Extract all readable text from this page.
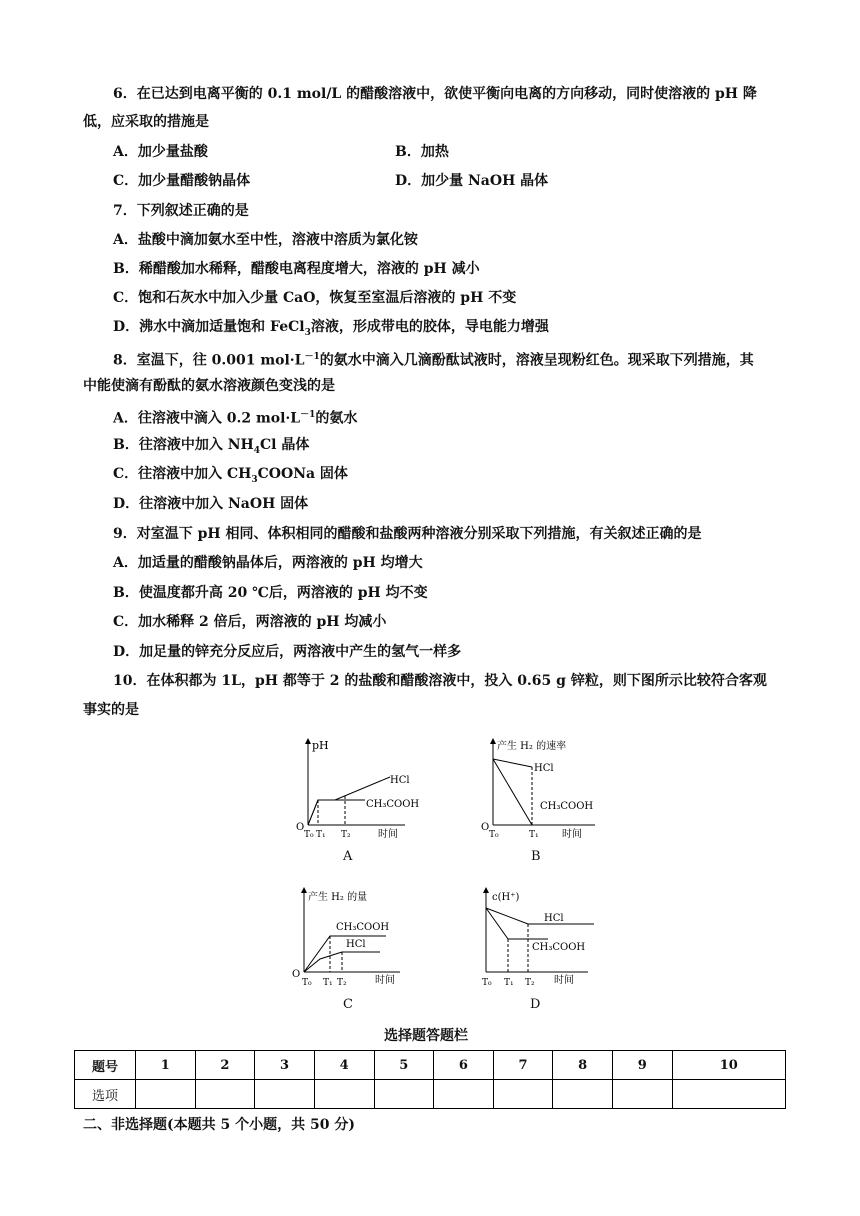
6．在已达到电离平衡的 0.1 mol/L 的醋酸溶液中，欲使平衡向电离的方向移动，同时使溶液的 pH 降
低，应采取的措施是
A．加少量盐酸	B．加热
C．加少量醋酸钠晶体	D．加少量 NaOH 晶体
7．下列叙述正确的是
A．盐酸中滴加氨水至中性，溶液中溶质为氯化铵
B．稀醋酸加水稀释，醋酸电离程度增大，溶液的 pH 减小
C．饱和石灰水中加入少量 CaO，恢复至室温后溶液的 pH 不变
D．沸水中滴加适量饱和 FeCl$_3$溶液，形成带电的胶体，导电能力增强
8．室温下，往 0.001 $mol\cdot L^{-1}$的氨水中滴入几滴酚酞试液时，溶液呈现粉红色。现采取下列措施，其
中能使滴有酚酞的氨水溶液颜色变浅的是
A．往溶液中滴入 0.2 $mol\cdot L^{-1}$的氨水
B．往溶液中加入 $NH_4Cl$ 晶体
C．往溶液中加入 $CH_3COONa$ 固体
D．往溶液中加入 NaOH 固体
9．对室温下 pH 相同、体积相同的醋酸和盐酸两种溶液分别采取下列措施，有关叙述正确的是
A．加适量的醋酸钠晶体后，两溶液的 pH 均增大
B．使温度都升高 20 ℃后，两溶液的 pH 均不变
C．加水稀释 2 倍后，两溶液的 pH 均减小
D．加足量的锌充分反应后，两溶液中产生的氢气一样多
10．在体积都为 1L，pH 都等于 2 的盐酸和醋酸溶液中，投入 0.65 g 锌粒，则下图所示比较符合客观
事实的是
pH
HCl
CH₃COOH
O
T₀ T₁ T₂	时间
A
产生 H₂ 的速率
HCl
CH₃COOH
O
T₀	T₁ 时间
B
产生 H₂ 的量
CH₃COOH
HCl
O
T₀ T₁ T₂	时间
C
c(H⁺)
HCl
CH₃COOH
T₀ T₁ T₂ 时间
D
选择题答题栏
题号	1	2	3	4	5	6	7	8	9	10
选项										
二、非选择题(本题共 5 个小题，共 50 分)
